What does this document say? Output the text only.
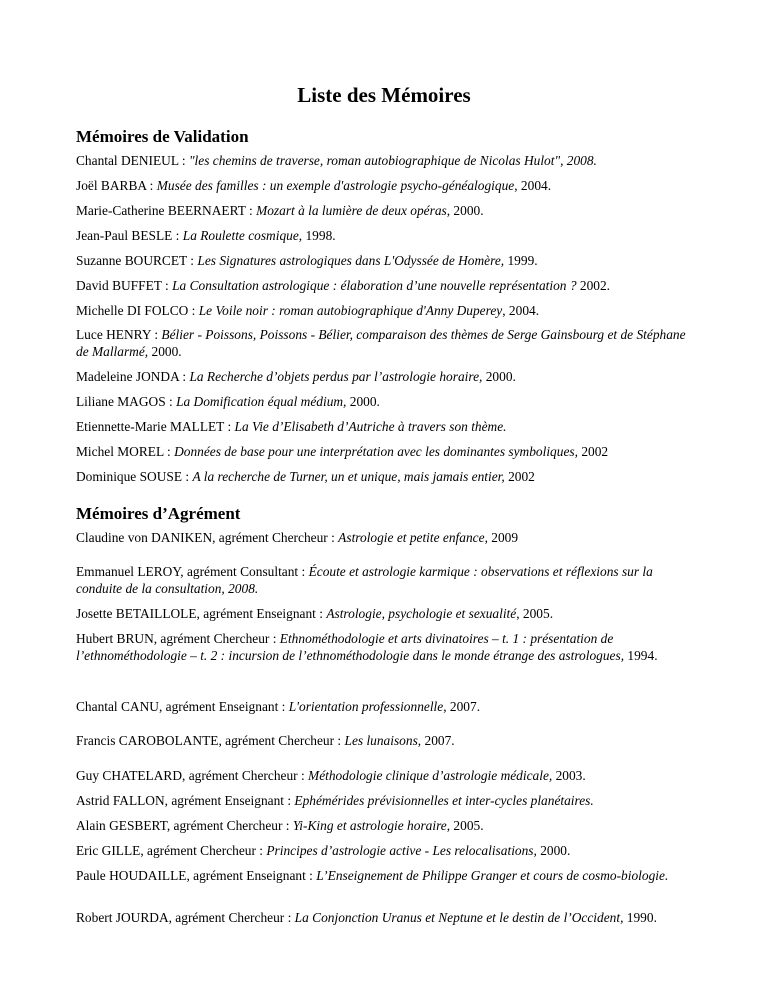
Liste des Mémoires
Mémoires de Validation

Chantal DENIEUL : "les chemins de traverse, roman autobiographique de Nicolas Hulot", 2008.

Joël BARBA : Musée des familles : un exemple d'astrologie psycho-généalogique, 2004.

Marie-Catherine BEERNAERT : Mozart à la lumière de deux opéras, 2000.

Jean-Paul BESLE : La Roulette cosmique, 1998.

Suzanne BOURCET : Les Signatures astrologiques dans L'Odyssée de Homère, 1999.

David BUFFET : La Consultation astrologique : élaboration d’une nouvelle représentation ? 2002.

Michelle DI FOLCO : Le Voile noir : roman autobiographique d'Anny Duperey, 2004.

Luce HENRY : Bélier - Poissons, Poissons - Bélier, comparaison des thèmes de Serge Gainsbourg et de Stéphane de Mallarmé, 2000.

Madeleine JONDA : La Recherche d’objets perdus par l’astrologie horaire, 2000.

Liliane MAGOS : La Domification équal médium, 2000.

Etiennette-Marie MALLET : La Vie d’Elisabeth d’Autriche à travers son thème.

Michel MOREL : Données de base pour une interprétation avec les dominantes symboliques, 2002

Dominique SOUSE : A la recherche de Turner, un et unique, mais jamais entier, 2002

Mémoires d’Agrément

Claudine von DANIKEN, agrément Chercheur : Astrologie et petite enfance, 2009

Emmanuel LEROY, agrément Consultant : Écoute et astrologie karmique : observations et réflexions sur la conduite de la consultation, 2008.

Josette BETAILLOLE, agrément Enseignant : Astrologie, psychologie et sexualité, 2005.

Hubert BRUN, agrément Chercheur : Ethnométhodologie et arts divinatoires – t. 1 : présentation de l’ethnométhodologie – t. 2 : incursion de l’ethnométhodologie dans le monde étrange des astrologues, 1994.

Chantal CANU, agrément Enseignant : L'orientation professionnelle, 2007.

Francis CAROBOLANTE, agrément Chercheur : Les lunaisons, 2007.

Guy CHATELARD, agrément Chercheur : Méthodologie clinique d’astrologie médicale, 2003.

Astrid FALLON, agrément Enseignant : Ephémérides prévisionnelles et inter-cycles planétaires.

Alain GESBERT, agrément Chercheur : Yi-King et astrologie horaire, 2005.

Eric GILLE, agrément Chercheur : Principes d’astrologie active - Les relocalisations, 2000.

Paule HOUDAILLE, agrément Enseignant : L’Enseignement de Philippe Granger et cours de cosmo-biologie.

Robert JOURDA, agrément Chercheur : La Conjonction Uranus et Neptune et le destin de l’Occident, 1990.
